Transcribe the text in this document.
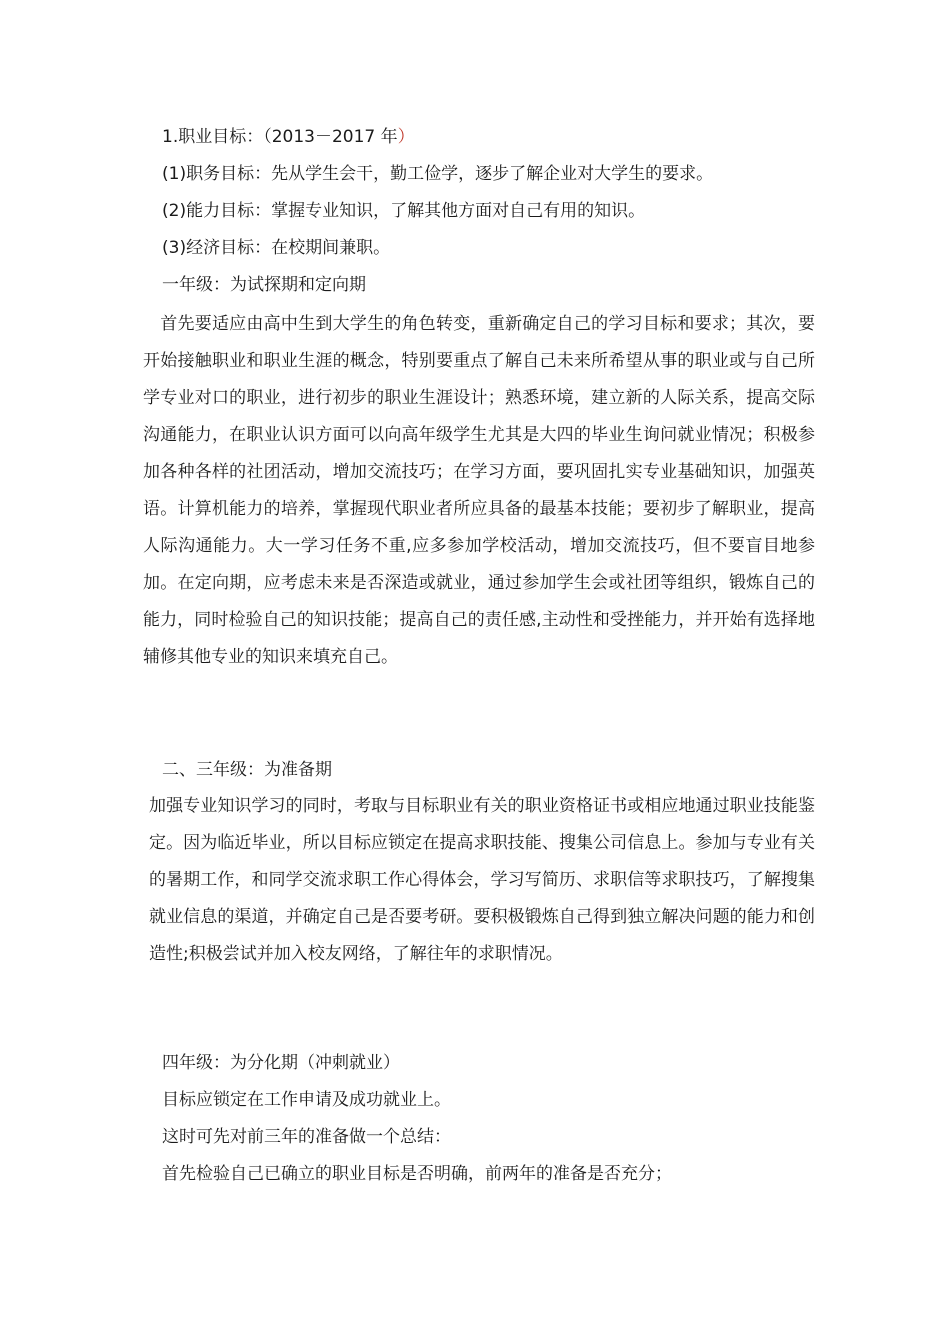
1.职业目标：（2013－2017 年）
(1)职务目标：先从学生会干，勤工俭学，逐步了解企业对大学生的要求。
(2)能力目标：掌握专业知识，了解其他方面对自己有用的知识。
(3)经济目标：在校期间兼职。
一年级：为试探期和定向期

　首先要适应由高中生到大学生的角色转变，重新确定自己的学习目标和要求；其次，要开始接触职业和职业生涯的概念，特别要重点了解自己未来所希望从事的职业或与自己所学专业对口的职业，进行初步的职业生涯设计；熟悉环境，建立新的人际关系，提高交际沟通能力，在职业认识方面可以向高年级学生尤其是大四的毕业生询问就业情况；积极参加各种各样的社团活动，增加交流技巧；在学习方面，要巩固扎实专业基础知识，加强英语。计算机能力的培养，掌握现代职业者所应具备的最基本技能；要初步了解职业，提高人际沟通能力。大一学习任务不重,应多参加学校活动，增加交流技巧，但不要盲目地参加。在定向期，应考虑未来是否深造或就业，通过参加学生会或社团等组织，锻炼自己的能力，同时检验自己的知识技能；提高自己的责任感,主动性和受挫能力，并开始有选择地辅修其他专业的知识来填充自己。

二、三年级：为准备期

加强专业知识学习的同时，考取与目标职业有关的职业资格证书或相应地通过职业技能鉴定。因为临近毕业，所以目标应锁定在提高求职技能、搜集公司信息上。参加与专业有关的暑期工作，和同学交流求职工作心得体会，学习写简历、求职信等求职技巧，了解搜集就业信息的渠道，并确定自己是否要考研。要积极锻炼自己得到独立解决问题的能力和创造性;积极尝试并加入校友网络，了解往年的求职情况。

四年级：为分化期（冲刺就业）
目标应锁定在工作申请及成功就业上。
这时可先对前三年的准备做一个总结：
首先检验自己已确立的职业目标是否明确，前两年的准备是否充分；
